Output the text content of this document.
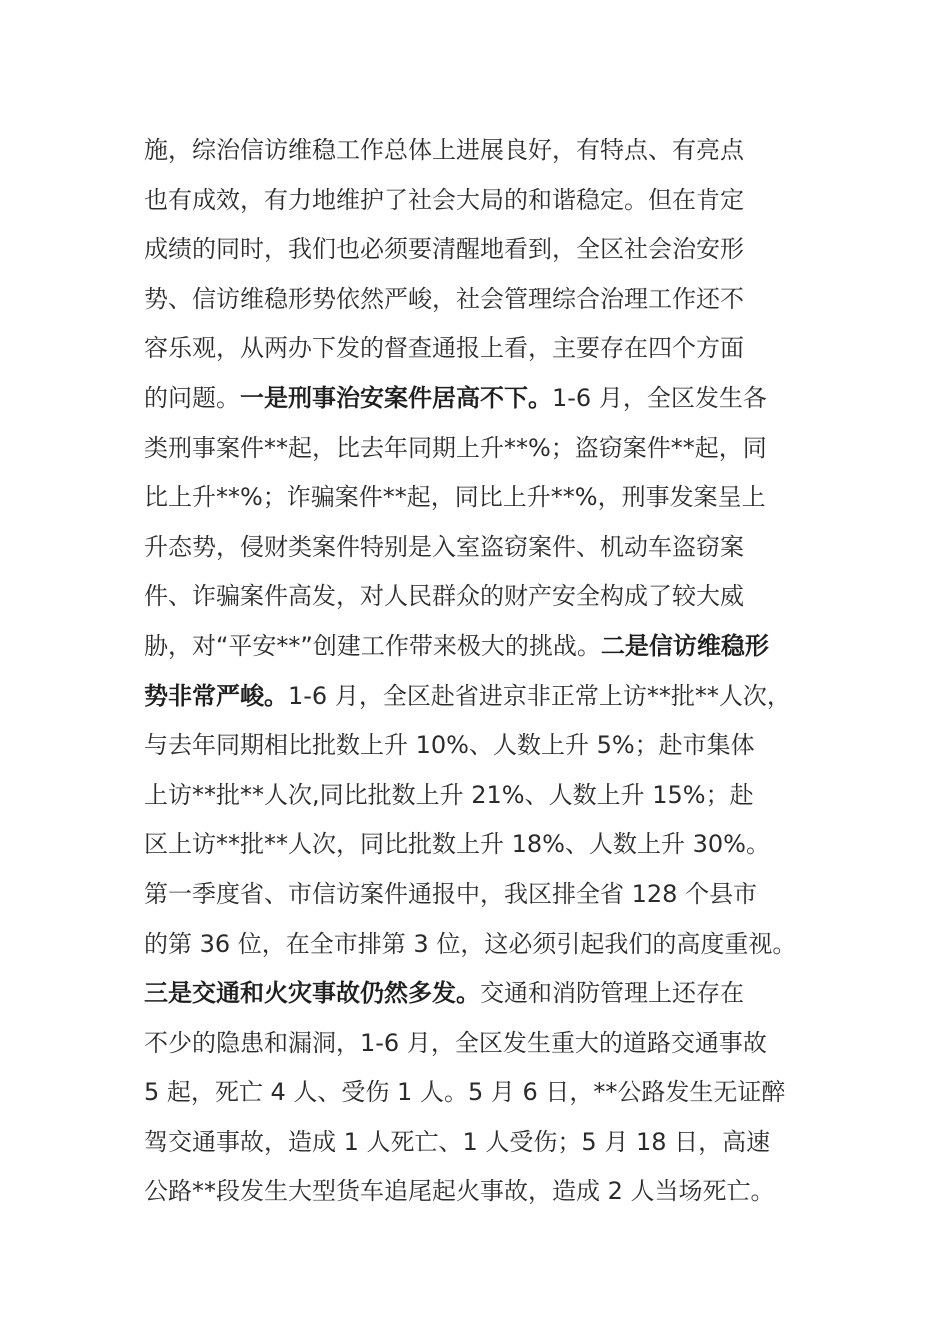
施，综治信访维稳工作总体上进展良好，有特点、有亮点
也有成效，有力地维护了社会大局的和谐稳定。但在肯定
成绩的同时，我们也必须要清醒地看到，全区社会治安形
势、信访维稳形势依然严峻，社会管理综合治理工作还不
容乐观，从两办下发的督查通报上看，主要存在四个方面
的问题。一是刑事治安案件居高不下。1-6 月，全区发生各
类刑事案件**起，比去年同期上升**%；盗窃案件**起，同
比上升**%；诈骗案件**起，同比上升**%，刑事发案呈上
升态势，侵财类案件特别是入室盗窃案件、机动车盗窃案
件、诈骗案件高发，对人民群众的财产安全构成了较大威
胁，对“平安**”创建工作带来极大的挑战。二是信访维稳形
势非常严峻。1-6 月，全区赴省进京非正常上访**批**人次，
与去年同期相比批数上升 10%、人数上升 5%；赴市集体
上访**批**人次,同比批数上升 21%、人数上升 15%；赴
区上访**批**人次，同比批数上升 18%、人数上升 30%。
第一季度省、市信访案件通报中，我区排全省 128 个县市
的第 36 位，在全市排第 3 位，这必须引起我们的高度重视。
三是交通和火灾事故仍然多发。交通和消防管理上还存在
不少的隐患和漏洞，1-6 月，全区发生重大的道路交通事故
5 起，死亡 4 人、受伤 1 人。5 月 6 日，**公路发生无证醉
驾交通事故，造成 1 人死亡、1 人受伤；5 月 18 日，高速
公路**段发生大型货车追尾起火事故，造成 2 人当场死亡。
